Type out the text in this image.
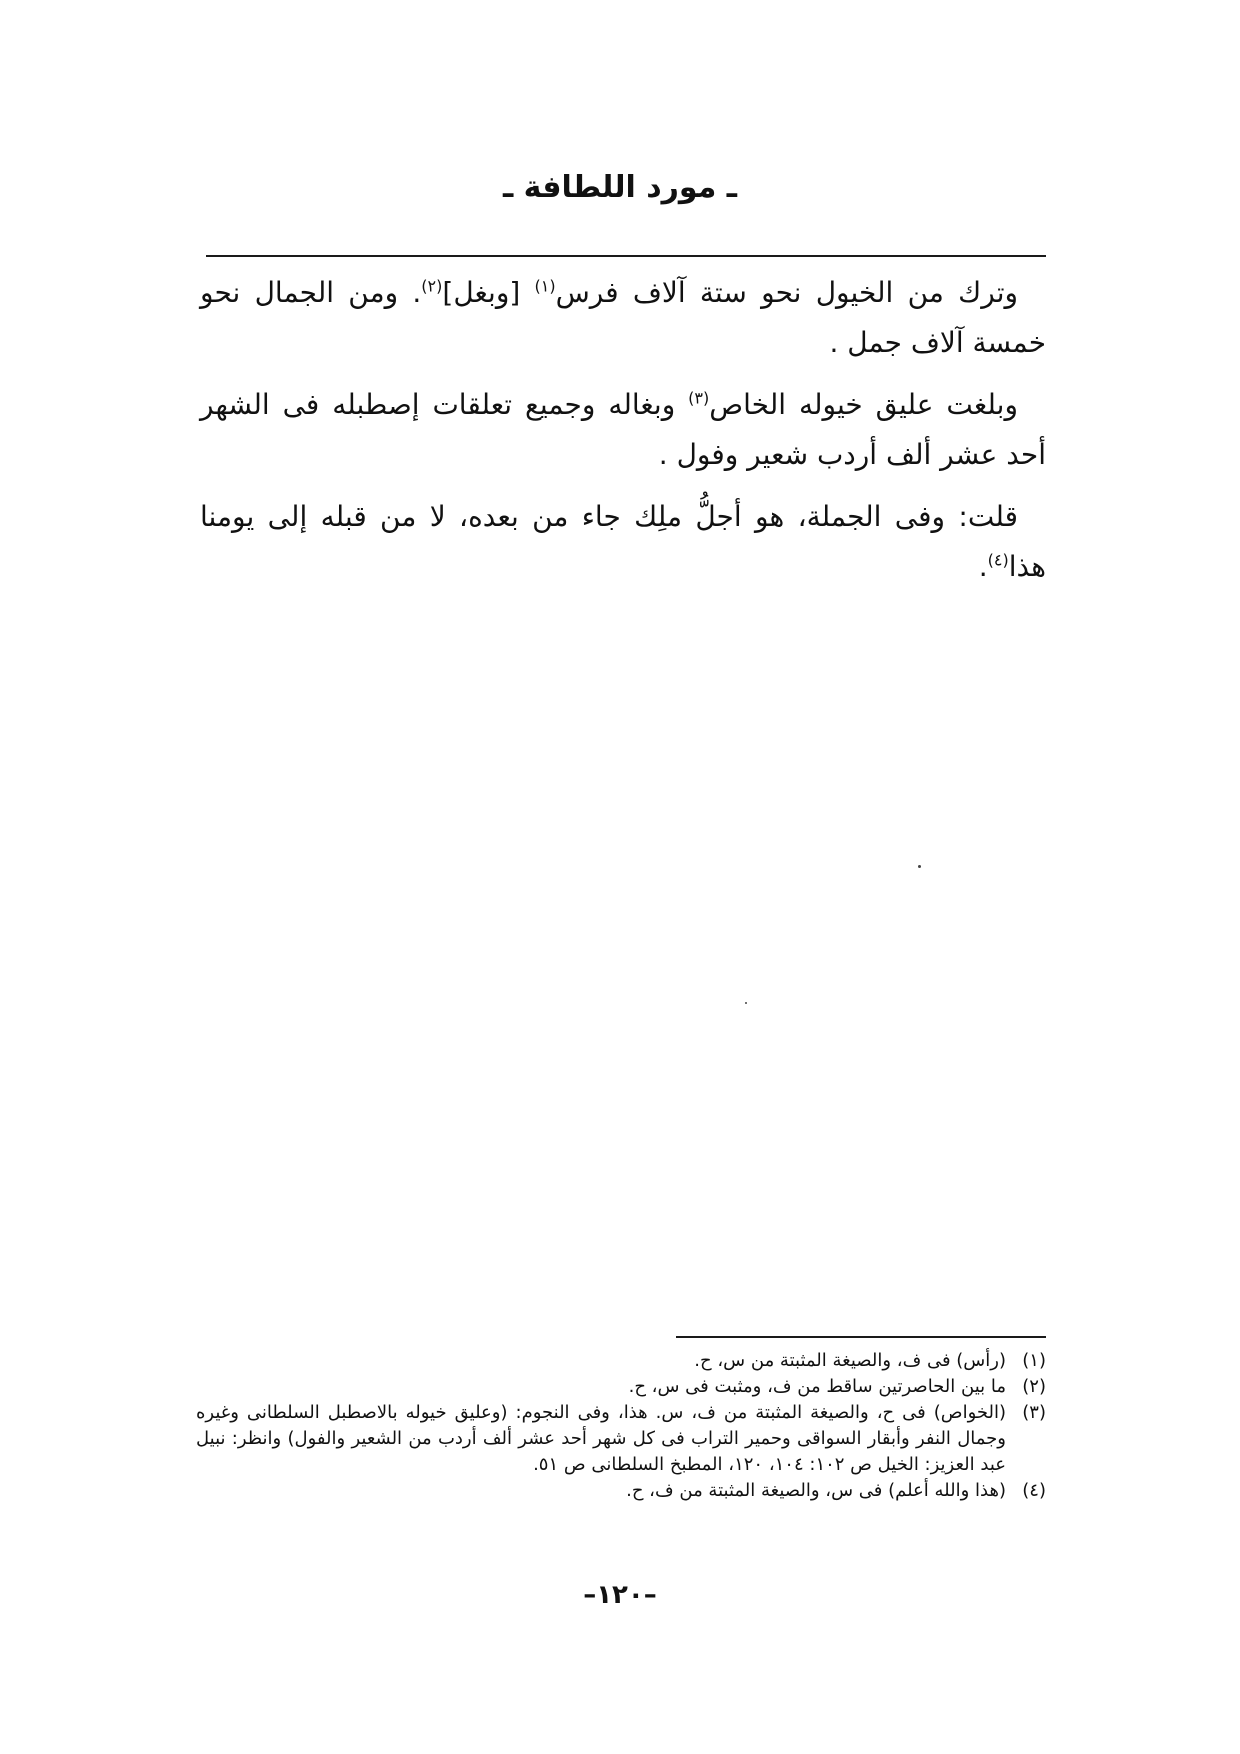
ـ مورد اللطافة ـ

وترك من الخيول نحو ستة آلاف فرس$^{(١)}$ [وبغل]$^{(٢)}$. ومن الجمال نحو خمسة آلاف جمل .

وبلغت عليق خيوله الخاص$^{(٣)}$ وبغاله وجميع تعلقات إصطبله فى الشهر أحد عشر ألف أردب شعير وفول .

قلت: وفى الجملة، هو أجلُّ ملِك جاء من بعده، لا من قبله إلى يومنا هذا$^{(٤)}$.

(١)
(رأس) فى ف، والصيغة المثبتة من س، ح.
(٢)
ما بين الحاصرتين ساقط من ف، ومثبت فى س، ح.
(٣)
(الخواص) فى ح، والصيغة المثبتة من ف، س. هذا، وفى النجوم: (وعليق خيوله بالاصطبل السلطانى وغيره وجمال النفر وأبقار السواقى وحمير التراب فى كل شهر أحد عشر ألف أردب من الشعير والفول) وانظر: نبيل عبد العزيز: الخيل ص ١٠٢: ١٠٤، ١٢٠، المطبخ السلطانى ص ٥١.
(٤)
(هذا والله أعلم) فى س، والصيغة المثبتة من ف، ح.
–١٢٠–
